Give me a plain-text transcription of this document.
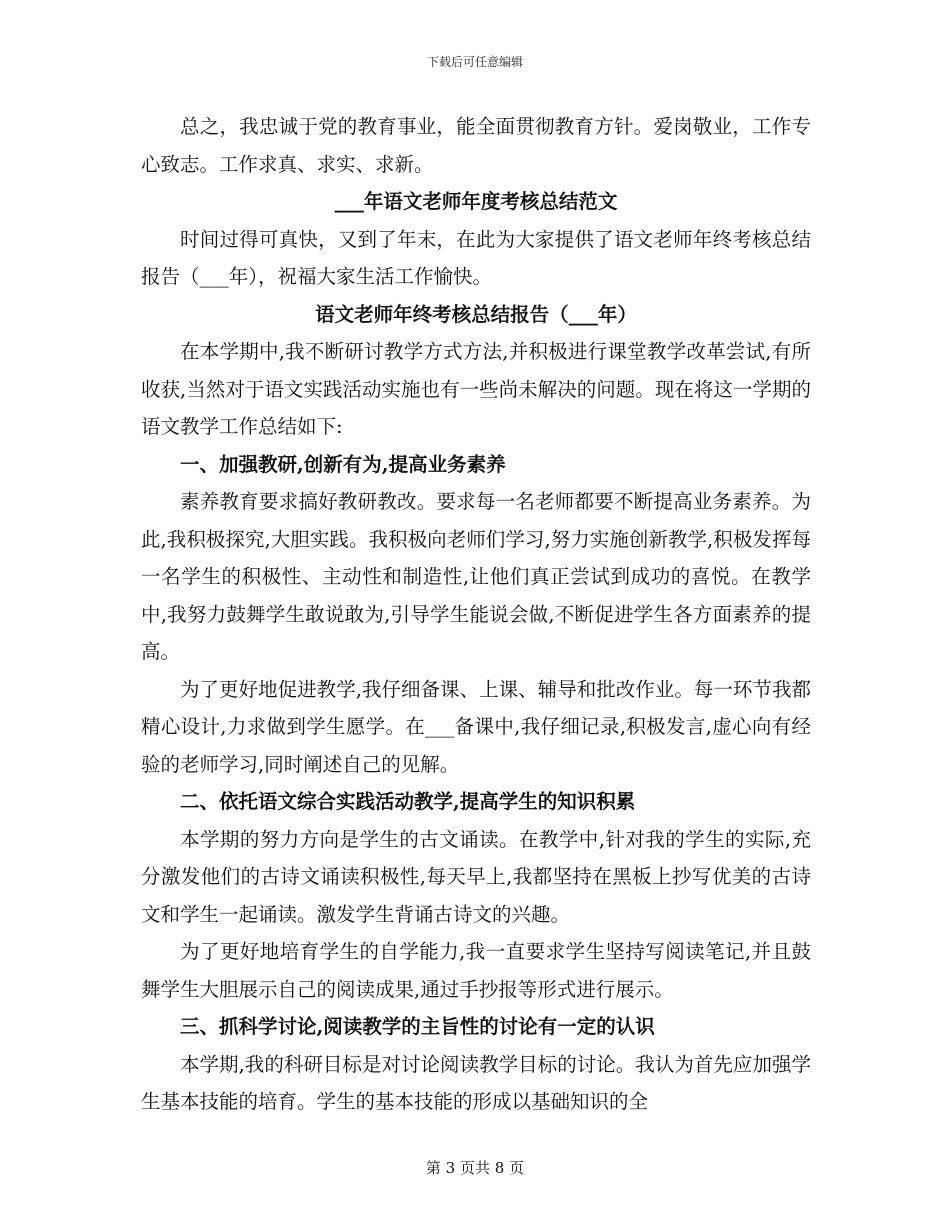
下载后可任意编辑

总之，我忠诚于党的教育事业，能全面贯彻教育方针。爱岗敬业，工作专心致志。工作求真、求实、求新。

___年语文老师年度考核总结范文

时间过得可真快，又到了年末，在此为大家提供了语文老师年终考核总结报告（___年），祝福大家生活工作愉快。

语文老师年终考核总结报告（___年）

在本学期中,我不断研讨教学方式方法,并积极进行课堂教学改革尝试,有所收获,当然对于语文实践活动实施也有一些尚未解决的问题。现在将这一学期的语文教学工作总结如下:

一、加强教研,创新有为,提高业务素养

素养教育要求搞好教研教改。要求每一名老师都要不断提高业务素养。为此,我积极探究,大胆实践。我积极向老师们学习,努力实施创新教学,积极发挥每一名学生的积极性、主动性和制造性,让他们真正尝试到成功的喜悦。在教学中,我努力鼓舞学生敢说敢为,引导学生能说会做,不断促进学生各方面素养的提高。

为了更好地促进教学,我仔细备课、上课、辅导和批改作业。每一环节我都精心设计,力求做到学生愿学。在___备课中,我仔细记录,积极发言,虚心向有经验的老师学习,同时阐述自己的见解。

二、依托语文综合实践活动教学,提高学生的知识积累

本学期的努力方向是学生的古文诵读。在教学中,针对我的学生的实际,充分激发他们的古诗文诵读积极性,每天早上,我都坚持在黑板上抄写优美的古诗文和学生一起诵读。激发学生背诵古诗文的兴趣。

为了更好地培育学生的自学能力,我一直要求学生坚持写阅读笔记,并且鼓舞学生大胆展示自己的阅读成果,通过手抄报等形式进行展示。

三、抓科学讨论,阅读教学的主旨性的讨论有一定的认识

本学期,我的科研目标是对讨论阅读教学目标的讨论。我认为首先应加强学生基本技能的培育。学生的基本技能的形成以基础知识的全

第 3 页共 8 页
